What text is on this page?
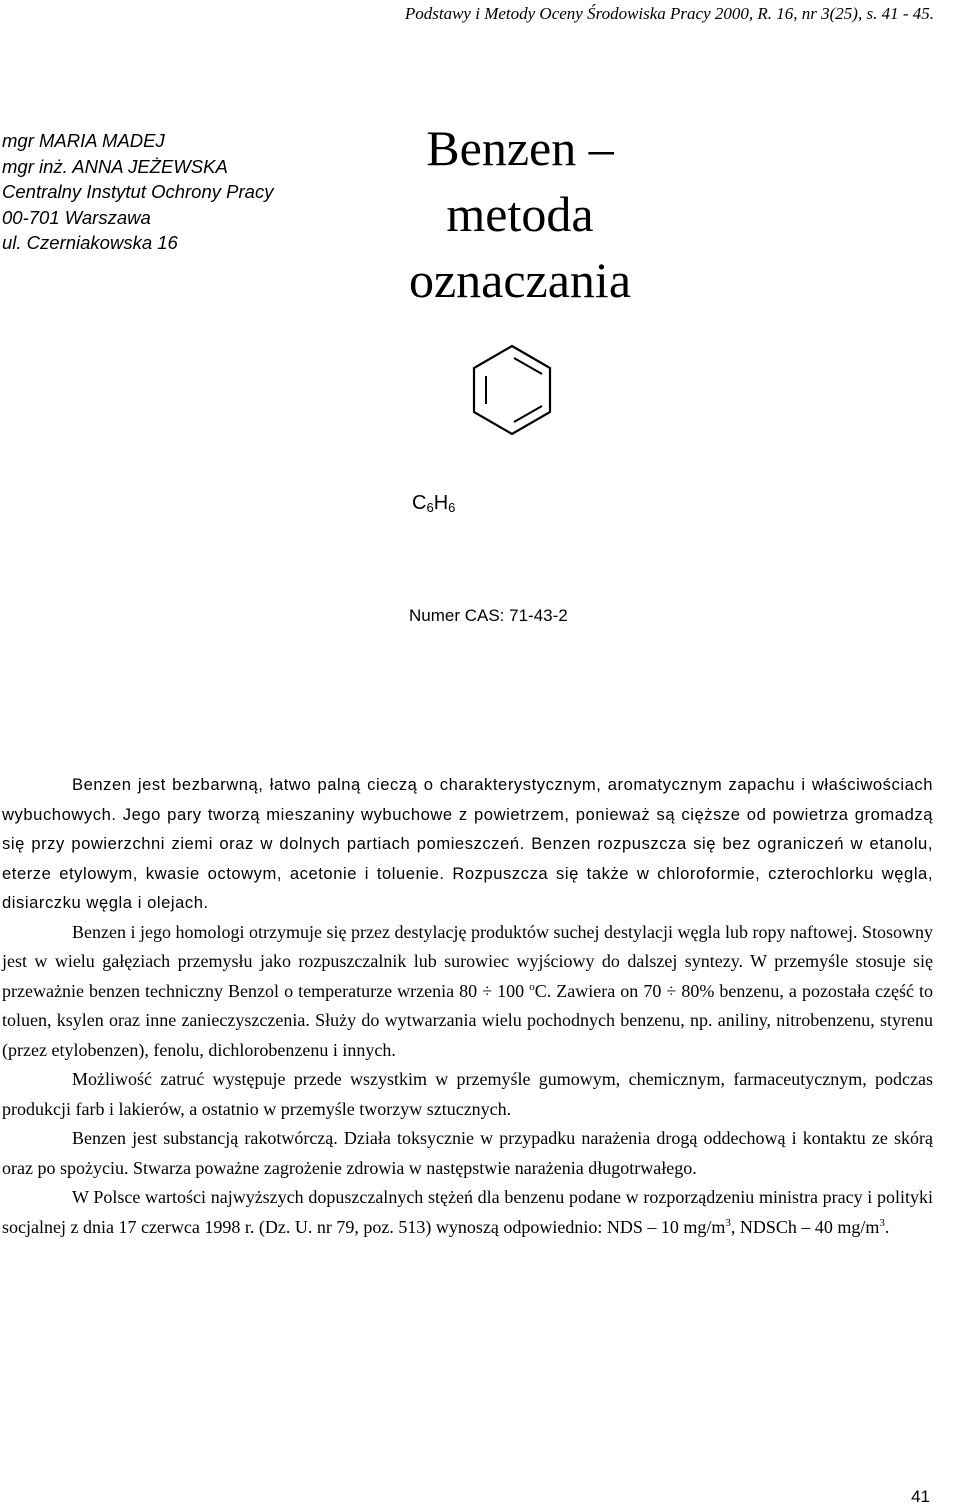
Podstawy i Metody Oceny Środowiska Pracy 2000, R. 16, nr 3(25), s. 41 - 45.

mgr MARIA MADEJ
mgr inż. ANNA JEŻEWSKA
Centralny Instytut Ochrony Pracy
00-701 Warszawa
ul. Czerniakowska 16
Benzen –
metoda oznaczania

$C_6H_6$

Numer CAS: 71-43-2

Benzen jest bezbarwną, łatwo palną cieczą o charakterystycznym, aromatycznym zapachu i właściwościach wybuchowych. Jego pary tworzą mieszaniny wybuchowe z powietrzem, ponieważ są cięższe od powietrza gromadzą się przy powierzchni ziemi oraz w dolnych partiach pomieszczeń. Benzen rozpuszcza się bez ograniczeń w etanolu, eterze etylowym, kwasie octowym, acetonie i toluenie. Rozpuszcza się także w chloroformie, czterochlorku węgla, disiarczku węgla i olejach.

Benzen i jego homologi otrzymuje się przez destylację produktów suchej destylacji węgla lub ropy naftowej. Stosowny jest w wielu gałęziach przemysłu jako rozpuszczalnik lub surowiec wyjściowy do dalszej syntezy. W przemyśle stosuje się przeważnie benzen techniczny Benzol o temperaturze wrzenia 80 ÷ 100 $^o$C. Zawiera on 70 ÷ 80% benzenu, a pozostała część to toluen, ksylen oraz inne zanieczyszczenia. Służy do wytwarzania wielu pochodnych benzenu, np. aniliny, nitrobenzenu, styrenu (przez etylobenzen), fenolu, dichlorobenzenu i innych.

Możliwość zatruć występuje przede wszystkim w przemyśle gumowym, chemicznym, farmaceutycznym, podczas produkcji farb i lakierów, a ostatnio w przemyśle tworzyw sztucznych.

Benzen jest substancją rakotwórczą. Działa toksycznie w przypadku narażenia drogą oddechową i kontaktu ze skórą oraz po spożyciu. Stwarza poważne zagrożenie zdrowia w następstwie narażenia długotrwałego.

W Polsce wartości najwyższych dopuszczalnych stężeń dla benzenu podane w rozporządzeniu ministra pracy i polityki socjalnej z dnia 17 czerwca 1998 r. (Dz. U. nr 79, poz. 513) wynoszą odpowiednio: NDS – 10 $mg/m^3$, NDSCh – 40 $mg/m^3$.

41
